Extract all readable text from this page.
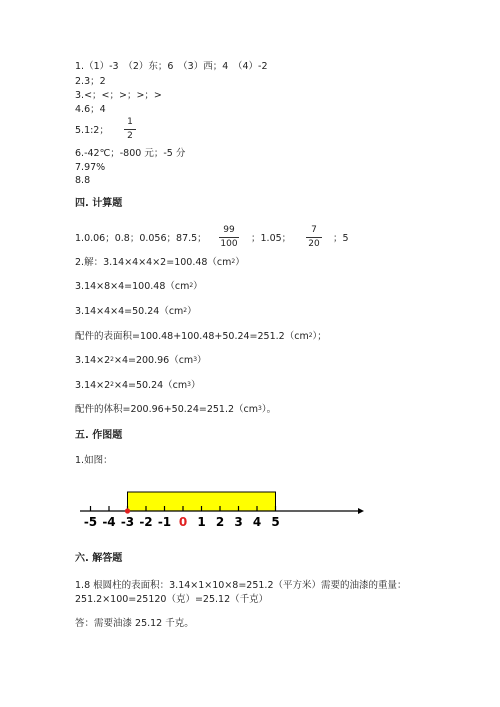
1.（1）-3　（2）东；6　（3）西；4　（4）-2
2.3；2
3.<；<；>；>；>
4.6；4
5.1:2；
1
2
6.-42℃；-800 元；-5 分
7.97%
8.8
四. 计算题
1.0.06；0.8；0.056；87.5；
99
100 ；1.05；
7
20 ；5
2.解：$3.14\times 4\times 4\times 2=100.48(cm^2)$
$3.14\times 8\times 4=100.48(cm^2)$
$3.14\times 4\times 4=50.24(cm^2)$
配件的表面积$=100.48+100.48+50.24=251.2(cm^2)$；
$3.14\times 2^2\times 4=200.96(cm^3)$
$3.14\times 2^2\times 4=50.24(cm^3)$
配件的体积$=200.96+50.24=251.2(cm^3)$。
五. 作图题
1.如图：
-5 -4 -3 -2 -1 0 1 2 3 4 5
六. 解答题
1.8 根圆柱的表面积：3.14×1×10×8=251.2（平方米）需要的油漆的重量：
251.2×100=25120（克）=25.12（千克）
答：需要油漆 25.12 千克。
